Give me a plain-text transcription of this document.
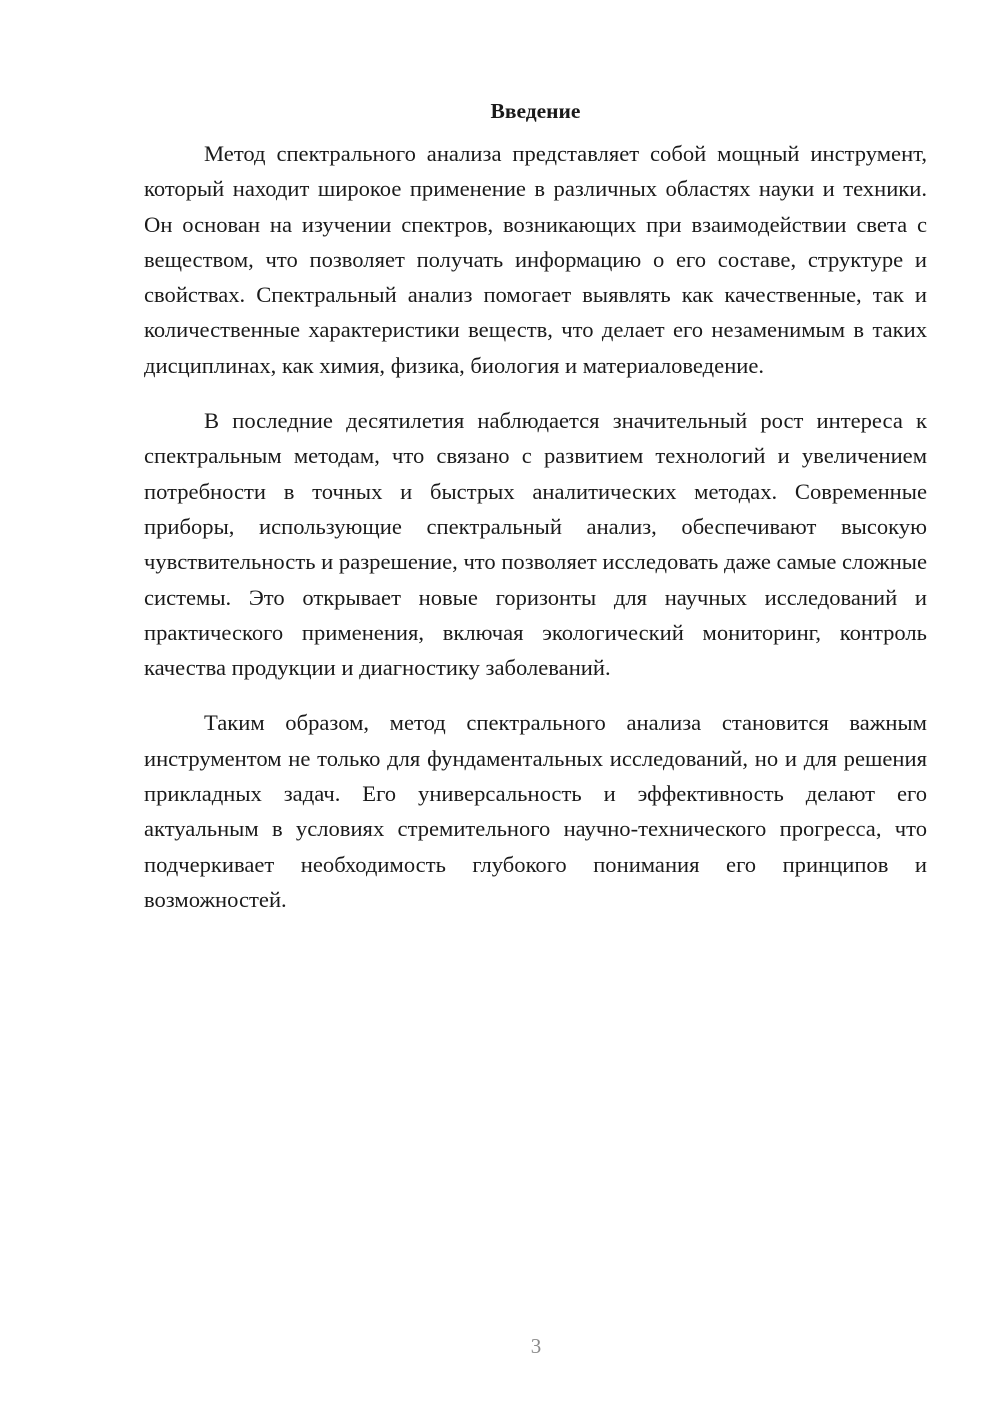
Введение

Метод спектрального анализа представляет собой мощный инструмент, который находит широкое применение в различных областях науки и техники. Он основан на изучении спектров, возникающих при взаимодействии света с веществом, что позволяет получать информацию о его составе, структуре и свойствах. Спектральный анализ помогает выявлять как качественные, так и количественные характеристики веществ, что делает его незаменимым в таких дисциплинах, как химия, физика, биология и материаловедение.

В последние десятилетия наблюдается значительный рост интереса к спектральным методам, что связано с развитием технологий и увеличением потребности в точных и быстрых аналитических методах. Современные приборы, использующие спектральный анализ, обеспечивают высокую чувствительность и разрешение, что позволяет исследовать даже самые сложные системы. Это открывает новые горизонты для научных исследований и практического применения, включая экологический мониторинг, контроль качества продукции и диагностику заболеваний.

Таким образом, метод спектрального анализа становится важным инструментом не только для фундаментальных исследований, но и для решения прикладных задач. Его универсальность и эффективность делают его актуальным в условиях стремительного научно-технического прогресса, что подчеркивает необходимость глубокого понимания его принципов и возможностей.

3
